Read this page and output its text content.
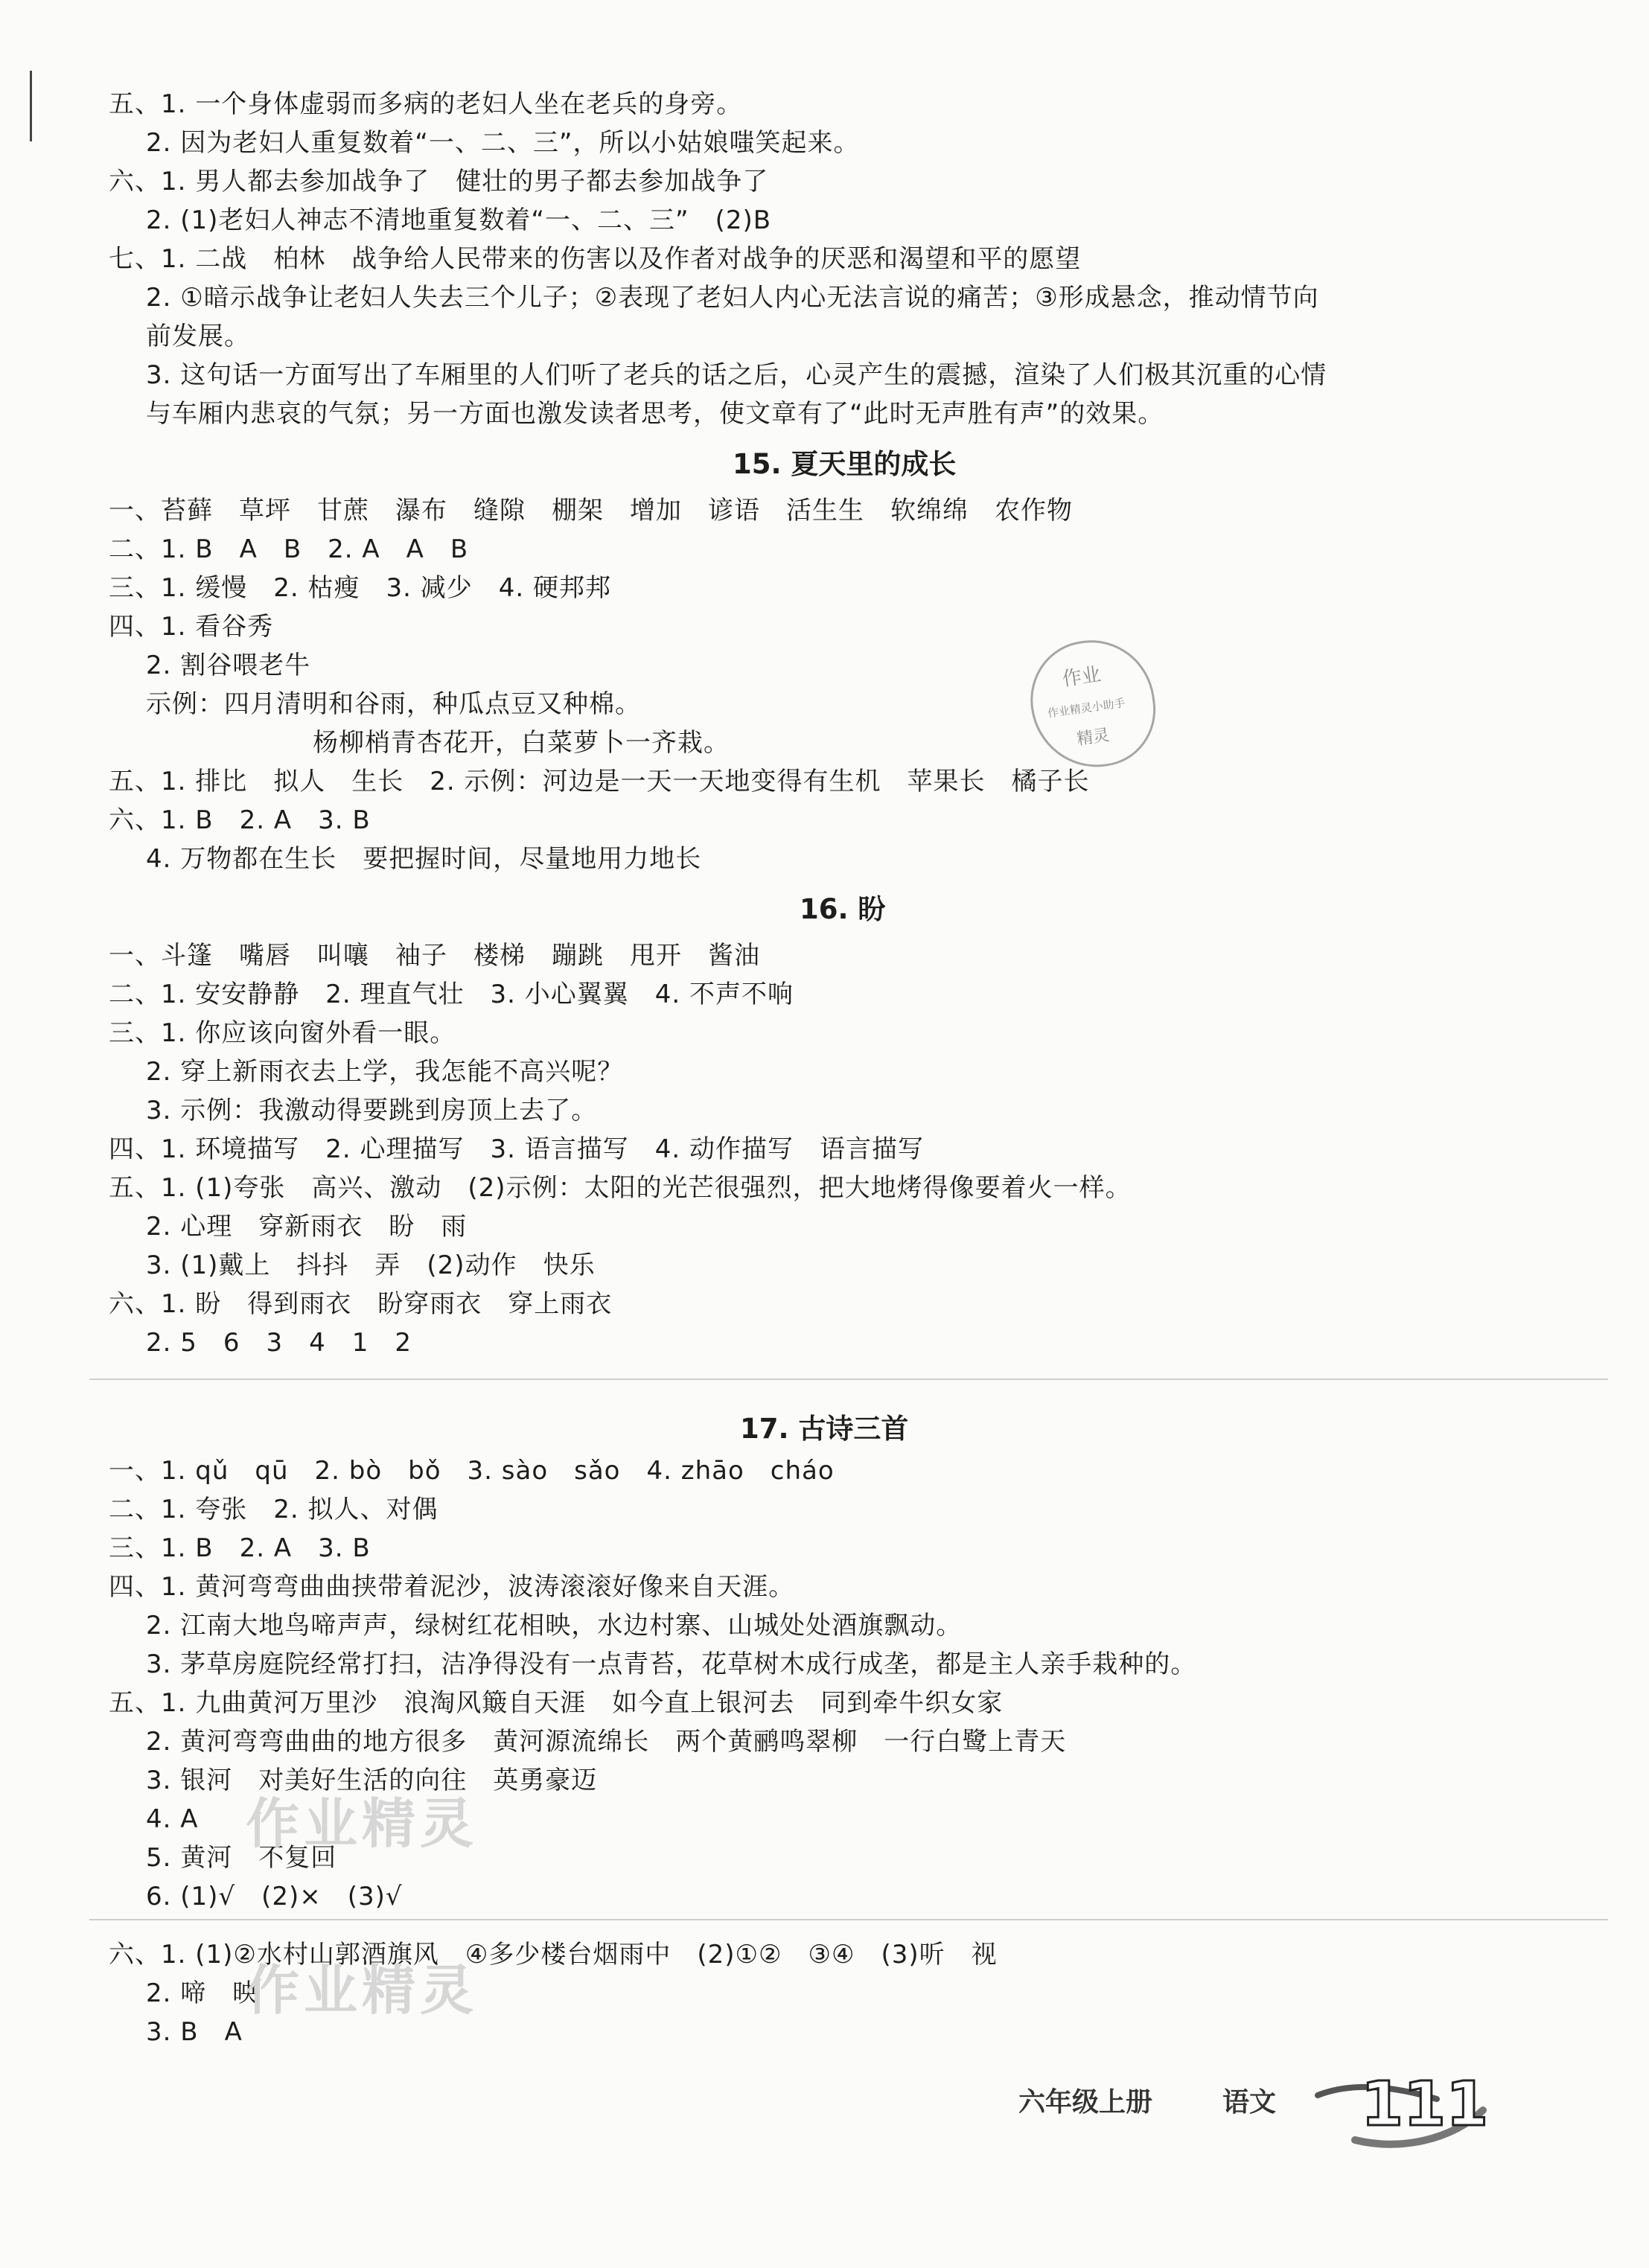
五、1. 一个身体虚弱而多病的老妇人坐在老兵的身旁。
2. 因为老妇人重复数着“一、二、三”，所以小姑娘嗤笑起来。
六、1. 男人都去参加战争了　健壮的男子都去参加战争了
2. (1)老妇人神志不清地重复数着“一、二、三”　(2)B
七、1. 二战　柏林　战争给人民带来的伤害以及作者对战争的厌恶和渴望和平的愿望
2. ①暗示战争让老妇人失去三个儿子；②表现了老妇人内心无法言说的痛苦；③形成悬念，推动情节向
前发展。
3. 这句话一方面写出了车厢里的人们听了老兵的话之后，心灵产生的震撼，渲染了人们极其沉重的心情
与车厢内悲哀的气氛；另一方面也激发读者思考，使文章有了“此时无声胜有声”的效果。
15. 夏天里的成长
一、苔藓　草坪　甘蔗　瀑布　缝隙　棚架　增加　谚语　活生生　软绵绵　农作物
二、1. B　A　B　2. A　A　B
三、1. 缓慢　2. 枯瘦　3. 减少　4. 硬邦邦
四、1. 看谷秀
2. 割谷喂老牛
示例：四月清明和谷雨，种瓜点豆又种棉。
杨柳梢青杏花开，白菜萝卜一齐栽。
五、1. 排比　拟人　生长　2. 示例：河边是一天一天地变得有生机　苹果长　橘子长
六、1. B　2. A　3. B
4. 万物都在生长　要把握时间，尽量地用力地长
作业
作业精灵小助手
精灵
16. 盼
一、斗篷　嘴唇　叫嚷　袖子　楼梯　蹦跳　甩开　酱油
二、1. 安安静静　2. 理直气壮　3. 小心翼翼　4. 不声不响
三、1. 你应该向窗外看一眼。
2. 穿上新雨衣去上学，我怎能不高兴呢？
3. 示例：我激动得要跳到房顶上去了。
四、1. 环境描写　2. 心理描写　3. 语言描写　4. 动作描写　语言描写
五、1. (1)夸张　高兴、激动　(2)示例：太阳的光芒很强烈，把大地烤得像要着火一样。
2. 心理　穿新雨衣　盼　雨
3. (1)戴上　抖抖　弄　(2)动作　快乐
六、1. 盼　得到雨衣　盼穿雨衣　穿上雨衣
2. 5　6　3　4　1　2
17. 古诗三首
一、1. qǔ　qū　2. bò　bǒ　3. sào　sǎo　4. zhāo　cháo
二、1. 夸张　2. 拟人、对偶
三、1. B　2. A　3. B
四、1. 黄河弯弯曲曲挟带着泥沙，波涛滚滚好像来自天涯。
2. 江南大地鸟啼声声，绿树红花相映，水边村寨、山城处处酒旗飘动。
3. 茅草房庭院经常打扫，洁净得没有一点青苔，花草树木成行成垄，都是主人亲手栽种的。
五、1. 九曲黄河万里沙　浪淘风簸自天涯　如今直上银河去　同到牵牛织女家
2. 黄河弯弯曲曲的地方很多　黄河源流绵长　两个黄鹂鸣翠柳　一行白鹭上青天
3. 银河　对美好生活的向往　英勇豪迈
4. A
5. 黄河　不复回
6. (1)√　(2)×　(3)√
六、1. (1)②水村山郭酒旗风　④多少楼台烟雨中　(2)①②　③④　(3)听　视
2. 啼　映
3. B　A
作业精灵
作业精灵
六年级上册	语文 111
